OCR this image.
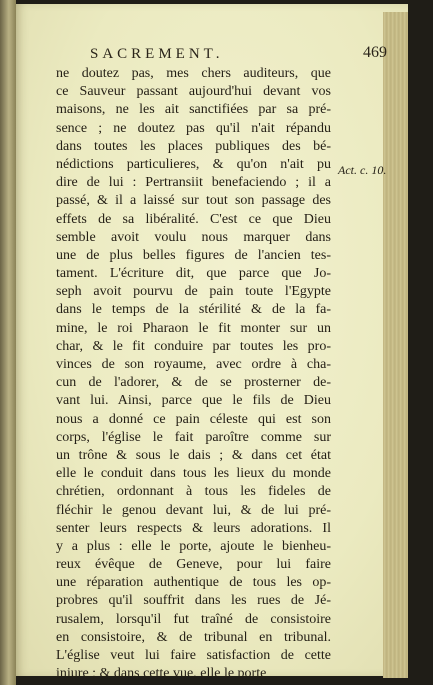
SACREMENT.	469
ne doutez pas, mes chers auditeurs, que
ce Sauveur passant aujourd'hui devant vos
maisons, ne les ait sanctifiées par sa pré-
sence ; ne doutez pas qu'il n'ait répandu
dans toutes les places publiques des bé-
nédictions particulieres, & qu'on n'ait pu
dire de lui : Pertransiit benefaciendo ; il a
passé, & il a laissé sur tout son passage des
effets de sa libéralité. C'est ce que Dieu
semble avoit voulu nous marquer dans
une de plus belles figures de l'ancien tes-
tament. L'écriture dit, que parce que Jo-
seph avoit pourvu de pain toute l'Egypte
dans le temps de la stérilité & de la fa-
mine, le roi Pharaon le fit monter sur un
char, & le fit conduire par toutes les pro-
vinces de son royaume, avec ordre à cha-
cun de l'adorer, & de se prosterner de-
vant lui. Ainsi, parce que le fils de Dieu
nous a donné ce pain céleste qui est son
corps, l'église le fait paroître comme sur
un trône & sous le dais ; & dans cet état
elle le conduit dans tous les lieux du monde
chrétien, ordonnant à tous les fideles de
fléchir le genou devant lui, & de lui pré-
senter leurs respects & leurs adorations. Il
y a plus : elle le porte, ajoute le bienheu-
reux évêque de Geneve, pour lui faire
une réparation authentique de tous les op-
probres qu'il souffrit dans les rues de Jé-
rusalem, lorsqu'il fut traîné de consistoire
en consistoire, & de tribunal en tribunal.
L'église veut lui faire satisfaction de cette
injure ; & dans cette vue, elle le porte
Act. c. 10.
